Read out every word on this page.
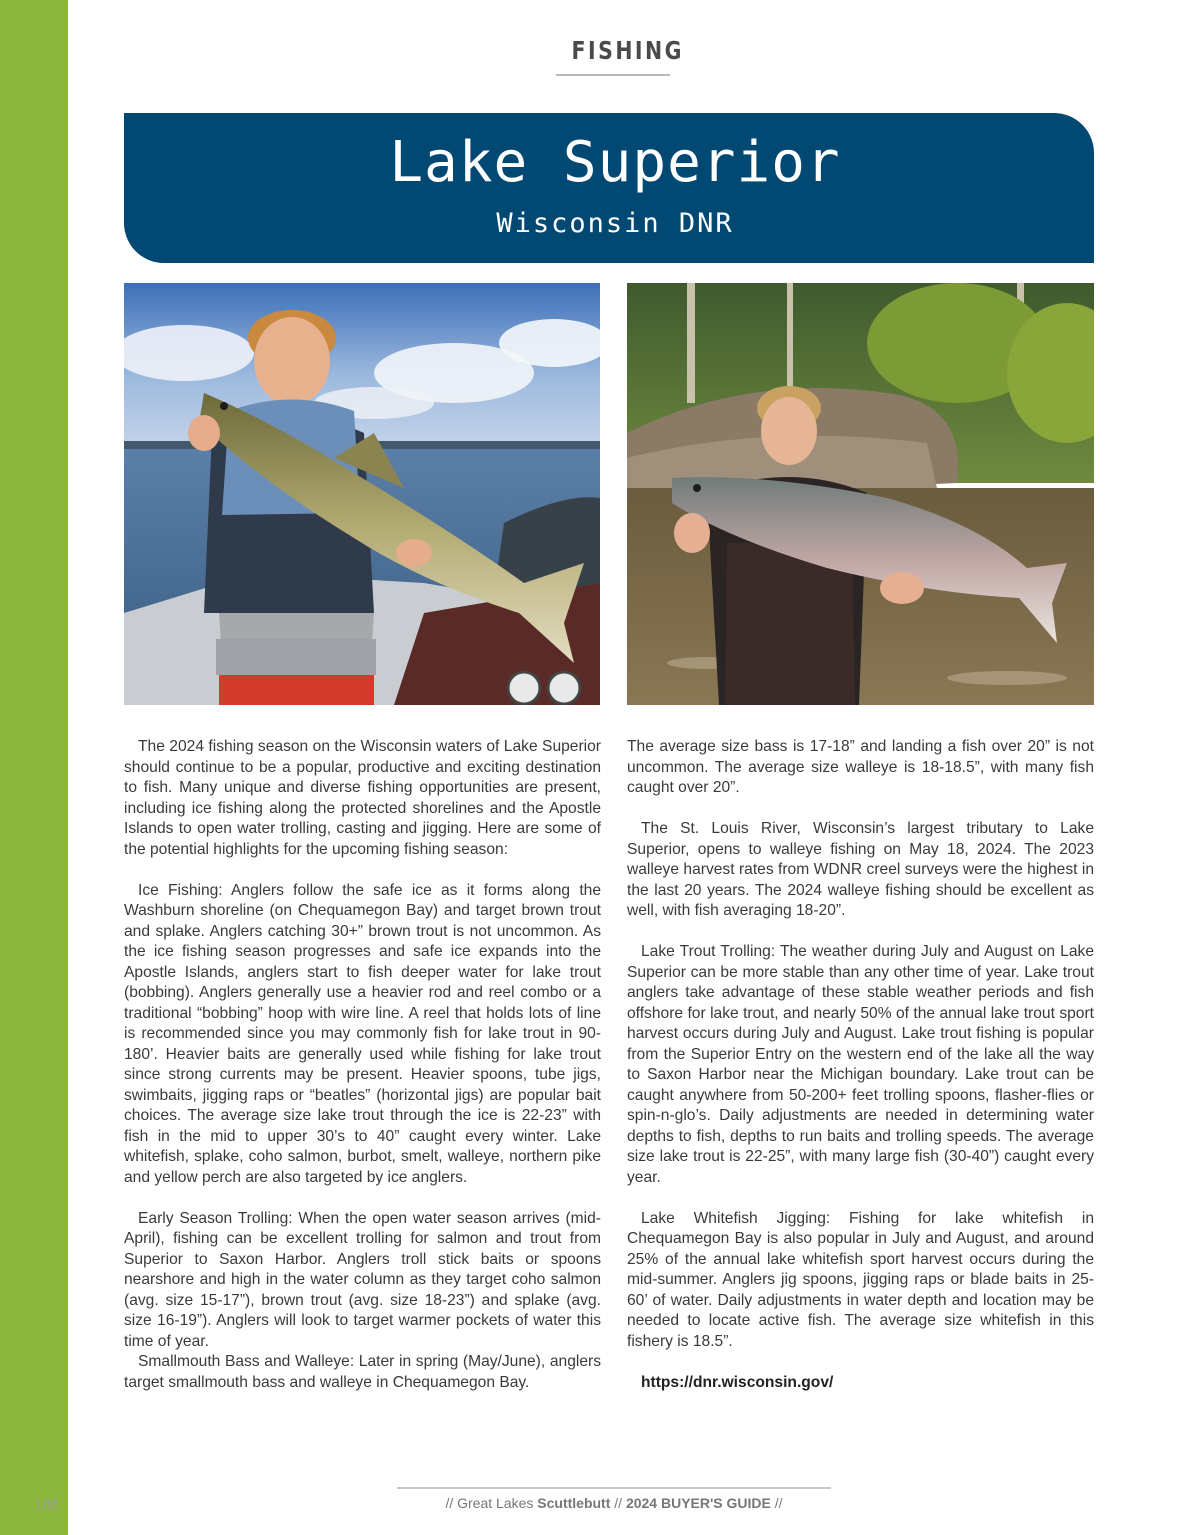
FISHING
Lake Superior
Wisconsin DNR

The 2024 fishing season on the Wisconsin waters of Lake Superior should continue to be a popular, productive and exciting destination to fish. Many unique and diverse fishing opportunities are present, including ice fishing along the protected shorelines and the Apostle Islands to open water trolling, casting and jigging. Here are some of the potential highlights for the upcoming fishing season:

Ice Fishing: Anglers follow the safe ice as it forms along the Washburn shoreline (on Chequamegon Bay) and target brown trout and splake. Anglers catching 30+” brown trout is not uncommon. As the ice fishing season progresses and safe ice expands into the Apostle Islands, anglers start to fish deeper water for lake trout (bobbing). Anglers generally use a heavier rod and reel combo or a traditional “bobbing” hoop with wire line. A reel that holds lots of line is recommended since you may commonly fish for lake trout in 90-180’. Heavier baits are generally used while fishing for lake trout since strong currents may be present. Heavier spoons, tube jigs, swimbaits, jigging raps or “beatles” (horizontal jigs) are popular bait choices. The average size lake trout through the ice is 22-23” with fish in the mid to upper 30’s to 40” caught every winter. Lake whitefish, splake, coho salmon, burbot, smelt, walleye, northern pike and yellow perch are also targeted by ice anglers.

Early Season Trolling: When the open water season arrives (mid-April), fishing can be excellent trolling for salmon and trout from Superior to Saxon Harbor. Anglers troll stick baits or spoons nearshore and high in the water column as they target coho salmon (avg. size 15-17”), brown trout (avg. size 18-23”) and splake (avg. size 16-19”). Anglers will look to target warmer pockets of water this time of year.

Smallmouth Bass and Walleye: Later in spring (May/June), anglers target smallmouth bass and walleye in Chequamegon Bay.

The average size bass is 17-18” and landing a fish over 20” is not uncommon. The average size walleye is 18-18.5”, with many fish caught over 20”.

The St. Louis River, Wisconsin’s largest tributary to Lake Superior, opens to walleye fishing on May 18, 2024. The 2023 walleye harvest rates from WDNR creel surveys were the highest in the last 20 years. The 2024 walleye fishing should be excellent as well, with fish averaging 18-20”.

Lake Trout Trolling: The weather during July and August on Lake Superior can be more stable than any other time of year. Lake trout anglers take advantage of these stable weather periods and fish offshore for lake trout, and nearly 50% of the annual lake trout sport harvest occurs during July and August. Lake trout fishing is popular from the Superior Entry on the western end of the lake all the way to Saxon Harbor near the Michigan boundary. Lake trout can be caught anywhere from 50-200+ feet trolling spoons, flasher-flies or spin-n-glo’s. Daily adjustments are needed in determining water depths to fish, depths to run baits and trolling speeds. The average size lake trout is 22-25”, with many large fish (30-40”) caught every year.

Lake Whitefish Jigging: Fishing for lake whitefish in Chequamegon Bay is also popular in July and August, and around 25% of the annual lake whitefish sport harvest occurs during the mid-summer. Anglers jig spoons, jigging raps or blade baits in 25-60’ of water. Daily adjustments in water depth and location may be needed to locate active fish. The average size whitefish in this fishery is 18.5”.

https://dnr.wisconsin.gov/
// Great Lakes Scuttlebutt // 2024 BUYER'S GUIDE //
102
